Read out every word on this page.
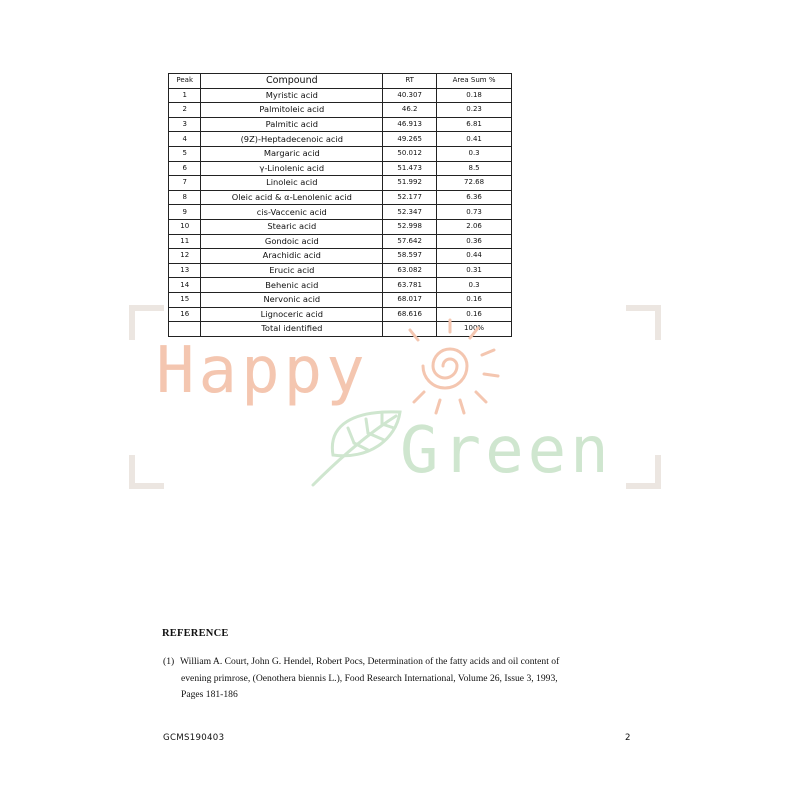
Peak	Compound	RT	Area Sum %
1	Myristic acid	40.307	0.18
2	Palmitoleic acid	46.2	0.23
3	Palmitic acid	46.913	6.81
4	(9Z)-Heptadecenoic acid	49.265	0.41
5	Margaric acid	50.012	0.3
6	γ-Linolenic acid	51.473	8.5
7	Linoleic acid	51.992	72.68
8	Oleic acid & α-Lenolenic acid	52.177	6.36
9	cis-Vaccenic acid	52.347	0.73
10	Stearic acid	52.998	2.06
11	Gondoic acid	57.642	0.36
12	Arachidic acid	58.597	0.44
13	Erucic acid	63.082	0.31
14	Behenic acid	63.781	0.3
15	Nervonic acid	68.017	0.16
16	Lignoceric acid	68.616	0.16
	Total identified		100%
Happy
Green
REFERENCE
(1) William A. Court, John G. Hendel, Robert Pocs, Determination of the fatty acids and oil content of
evening primrose, (Oenothera biennis L.), Food Research International, Volume 26, Issue 3, 1993,
Pages 181-186
GCMS190403	2
